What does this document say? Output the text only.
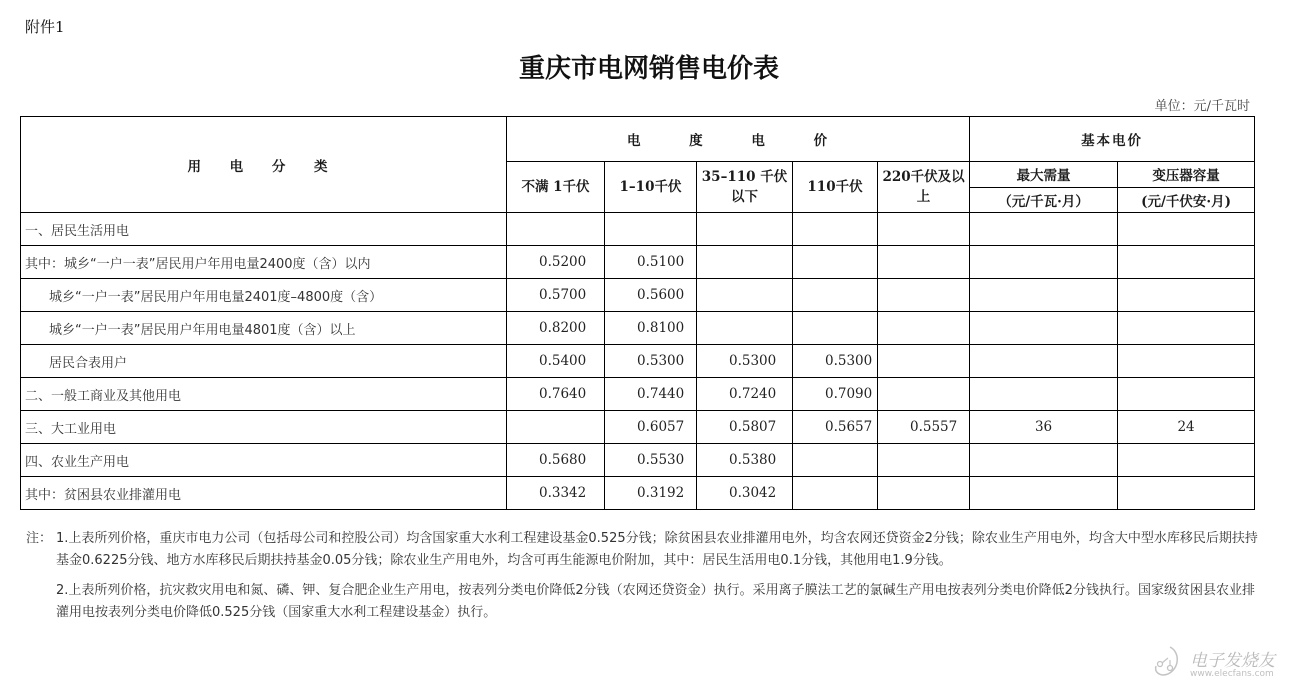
附件1
重庆市电网销售电价表
单位：元/千瓦时
用 电 分 类	电 度 电 价					基本电价	
	不满 1千伏	1–10千伏	35–110 千伏以下	110千伏	220千伏及以上	最大需量	变压器容量
						（元/千瓦·月）	(元/千伏安·月)
一、居民生活用电							
其中：城乡“一户一表”居民用户年用电量2400度（含）以内	0.5200	0.5100					
城乡“一户一表”居民用户年用电量2401度–4800度（含）	0.5700	0.5600					
城乡“一户一表”居民用户年用电量4801度（含）以上	0.8200	0.8100					
居民合表用户	0.5400	0.5300	0.5300	0.5300			
二、一般工商业及其他用电	0.7640	0.7440	0.7240	0.7090			
三、大工业用电		0.6057	0.5807	0.5657	0.5557	36	24
四、农业生产用电	0.5680	0.5530	0.5380				
其中：贫困县农业排灌用电	0.3342	0.3192	0.3042				
注： 1.上表所列价格，重庆市电力公司（包括母公司和控股公司）均含国家重大水利工程建设基金0.525分钱；除贫困县农业排灌用电外，均含农网还贷资金2分钱；除农业生产用电外，均含大中型水库移民后期扶持基金0.6225分钱、地方水库移民后期扶持基金0.05分钱；除农业生产用电外，均含可再生能源电价附加，其中：居民生活用电0.1分钱，其他用电1.9分钱。
2.上表所列价格，抗灾救灾用电和氮、磷、钾、复合肥企业生产用电，按表列分类电价降低2分钱（农网还贷资金）执行。采用离子膜法工艺的氯碱生产用电按表列分类电价降低2分钱执行。国家级贫困县农业排灌用电按表列分类电价降低0.525分钱（国家重大水利工程建设基金）执行。
电子发烧友
www.elecfans.com
